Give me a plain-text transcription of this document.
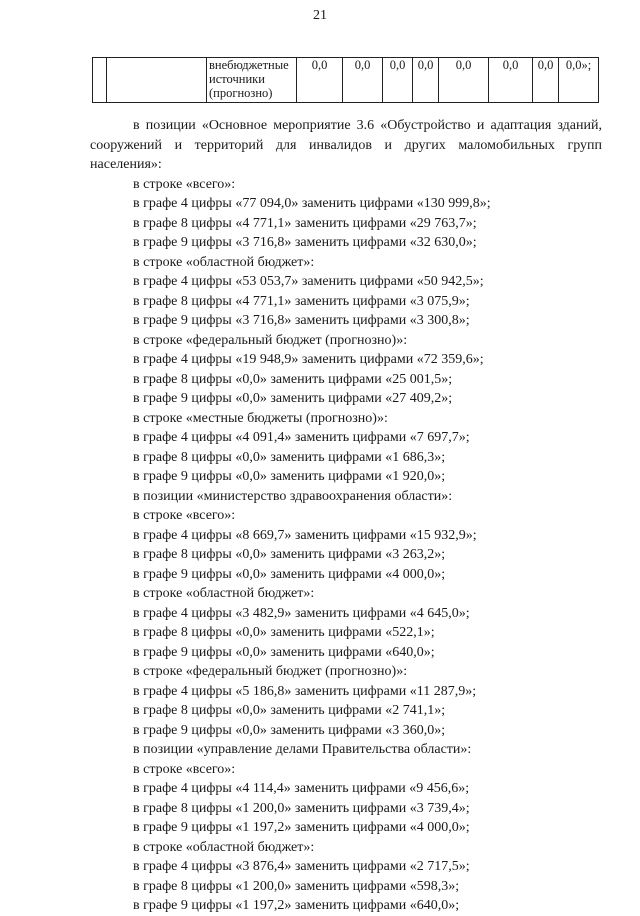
21
		внебюджетные источники (прогнозно)	0,0	0,0	0,0	0,0	0,0	0,0	0,0	0,0»;

в позиции «Основное мероприятие 3.6 «Обустройство и адаптация зданий, сооружений и территорий для инвалидов и других маломобильных групп населения»:

в строке «всего»:

в графе 4 цифры «77 094,0» заменить цифрами «130 999,8»;

в графе 8 цифры «4 771,1» заменить цифрами «29 763,7»;

в графе 9 цифры «3 716,8» заменить цифрами «32 630,0»;

в строке «областной бюджет»:

в графе 4 цифры «53 053,7» заменить цифрами «50 942,5»;

в графе 8 цифры «4 771,1» заменить цифрами «3 075,9»;

в графе 9 цифры «3 716,8» заменить цифрами «3 300,8»;

в строке «федеральный бюджет (прогнозно)»:

в графе 4 цифры «19 948,9» заменить цифрами «72 359,6»;

в графе 8 цифры «0,0» заменить цифрами «25 001,5»;

в графе 9 цифры «0,0» заменить цифрами «27 409,2»;

в строке «местные бюджеты (прогнозно)»:

в графе 4 цифры «4 091,4» заменить цифрами «7 697,7»;

в графе 8 цифры «0,0» заменить цифрами «1 686,3»;

в графе 9 цифры «0,0» заменить цифрами «1 920,0»;

в позиции «министерство здравоохранения области»:

в строке «всего»:

в графе 4 цифры «8 669,7» заменить цифрами «15 932,9»;

в графе 8 цифры «0,0» заменить цифрами «3 263,2»;

в графе 9 цифры «0,0» заменить цифрами «4 000,0»;

в строке «областной бюджет»:

в графе 4 цифры «3 482,9» заменить цифрами «4 645,0»;

в графе 8 цифры «0,0» заменить цифрами «522,1»;

в графе 9 цифры «0,0» заменить цифрами «640,0»;

в строке «федеральный бюджет (прогнозно)»:

в графе 4 цифры «5 186,8» заменить цифрами «11 287,9»;

в графе 8 цифры «0,0» заменить цифрами «2 741,1»;

в графе 9 цифры «0,0» заменить цифрами «3 360,0»;

в позиции «управление делами Правительства области»:

в строке «всего»:

в графе 4 цифры «4 114,4» заменить цифрами «9 456,6»;

в графе 8 цифры «1 200,0» заменить цифрами «3 739,4»;

в графе 9 цифры «1 197,2» заменить цифрами «4 000,0»;

в строке «областной бюджет»:

в графе 4 цифры «3 876,4» заменить цифрами «2 717,5»;

в графе 8 цифры «1 200,0» заменить цифрами «598,3»;

в графе 9 цифры «1 197,2» заменить цифрами «640,0»;
